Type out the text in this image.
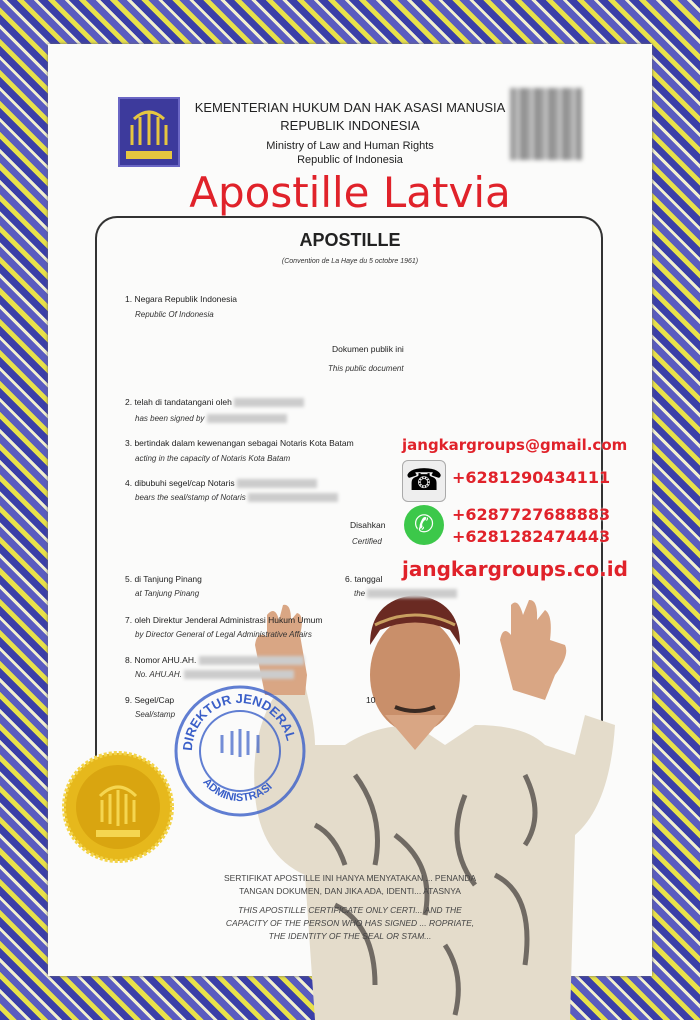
KEMENTERIAN HUKUM DAN HAK ASASI MANUSIA
REPUBLIK INDONESIA
Ministry of Law and Human Rights
Republic of Indonesia
Apostille Latvia
APOSTILLE
(Convention de La Haye du 5 octobre 1961)
1. Negara Republik Indonesia
Republic Of Indonesia
Dokumen publik ini
This public document
2. telah di tandatangani oleh
has been signed by
3. bertindak dalam kewenangan sebagai Notaris Kota Batam
acting in the capacity of Notaris Kota Batam
4. dibubuhi segel/cap Notaris
bears the seal/stamp of Notaris
Disahkan
Certified
5. di Tanjung Pinang
at Tanjung Pinang
6. tanggal
the
7. oleh Direktur Jenderal Administrasi Hukum Umum
by Director General of Legal Administrative Affairs
8. Nomor AHU.AH.
No. AHU.AH.
9. Segel/Cap
Seal/stamp
10
DIREKTUR JENDERAL
ADMINISTRASI
SERTIFIKAT APOSTILLE INI HANYA MENYATAKAN ... PENANDA
TANGAN DOKUMEN, DAN JIKA ADA, IDENTI... ATASNYA
THIS APOSTILLE CERTIFICATE ONLY CERTI... AND THE
CAPACITY OF THE PERSON WHO HAS SIGNED ... ROPRIATE,
THE IDENTITY OF THE SEAL OR STAM...
jangkargroups@gmail.com
☎ +6281290434111
✆	+6287727688883
+6281282474443
jangkargroups.co.id
